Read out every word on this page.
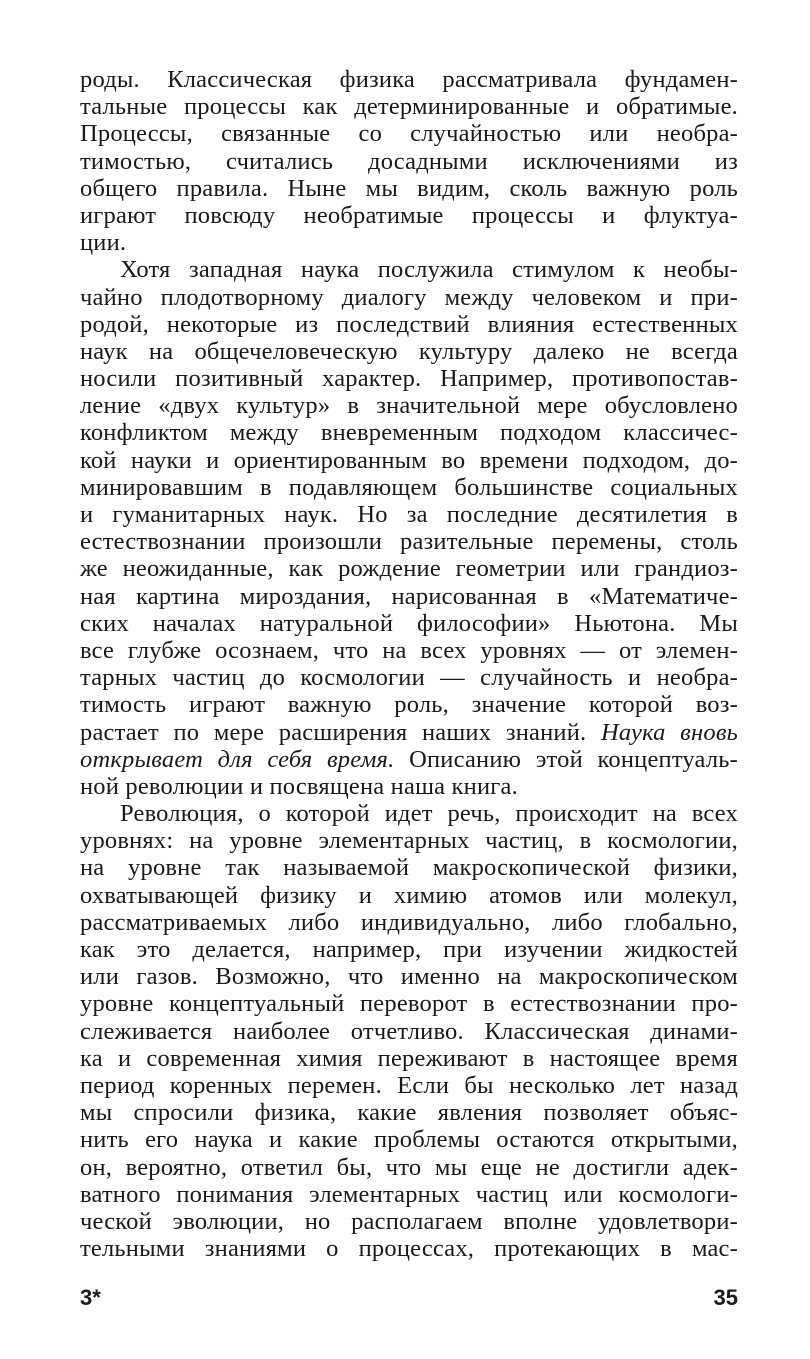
роды. Классическая физика рассматривала фундамен-
тальные процессы как детерминированные и обратимые.
Процессы, связанные со случайностью или необра-
тимостью, считались досадными исключениями из
общего правила. Ныне мы видим, сколь важную роль
играют повсюду необратимые процессы и флуктуа-
ции.
Хотя западная наука послужила стимулом к необы-
чайно плодотворному диалогу между человеком и при-
родой, некоторые из последствий влияния естественных
наук на общечеловеческую культуру далеко не всегда
носили позитивный характер. Например, противопостав-
ление «двух культур» в значительной мере обусловлено
конфликтом между вневременным подходом классичес-
кой науки и ориентированным во времени подходом, до-
минировавшим в подавляющем большинстве социальных
и гуманитарных наук. Но за последние десятилетия в
естествознании произошли разительные перемены, столь
же неожиданные, как рождение геометрии или грандиоз-
ная картина мироздания, нарисованная в «Математиче-
ских началах натуральной философии» Ньютона. Мы
все глубже осознаем, что на всех уровнях — от элемен-
тарных частиц до космологии — случайность и необра-
тимость играют важную роль, значение которой воз-
растает по мере расширения наших знаний. Наука вновь
открывает для себя время. Описанию этой концептуаль-
ной революции и посвящена наша книга.
Революция, о которой идет речь, происходит на всех
уровнях: на уровне элементарных частиц, в космологии,
на уровне так называемой макроскопической физики,
охватывающей физику и химию атомов или молекул,
рассматриваемых либо индивидуально, либо глобально,
как это делается, например, при изучении жидкостей
или газов. Возможно, что именно на макроскопическом
уровне концептуальный переворот в естествознании про-
слеживается наиболее отчетливо. Классическая динами-
ка и современная химия переживают в настоящее время
период коренных перемен. Если бы несколько лет назад
мы спросили физика, какие явления позволяет объяс-
нить его наука и какие проблемы остаются открытыми,
он, вероятно, ответил бы, что мы еще не достигли адек-
ватного понимания элементарных частиц или космологи-
ческой эволюции, но располагаем вполне удовлетвори-
тельными знаниями о процессах, протекающих в мас-
3*	35
